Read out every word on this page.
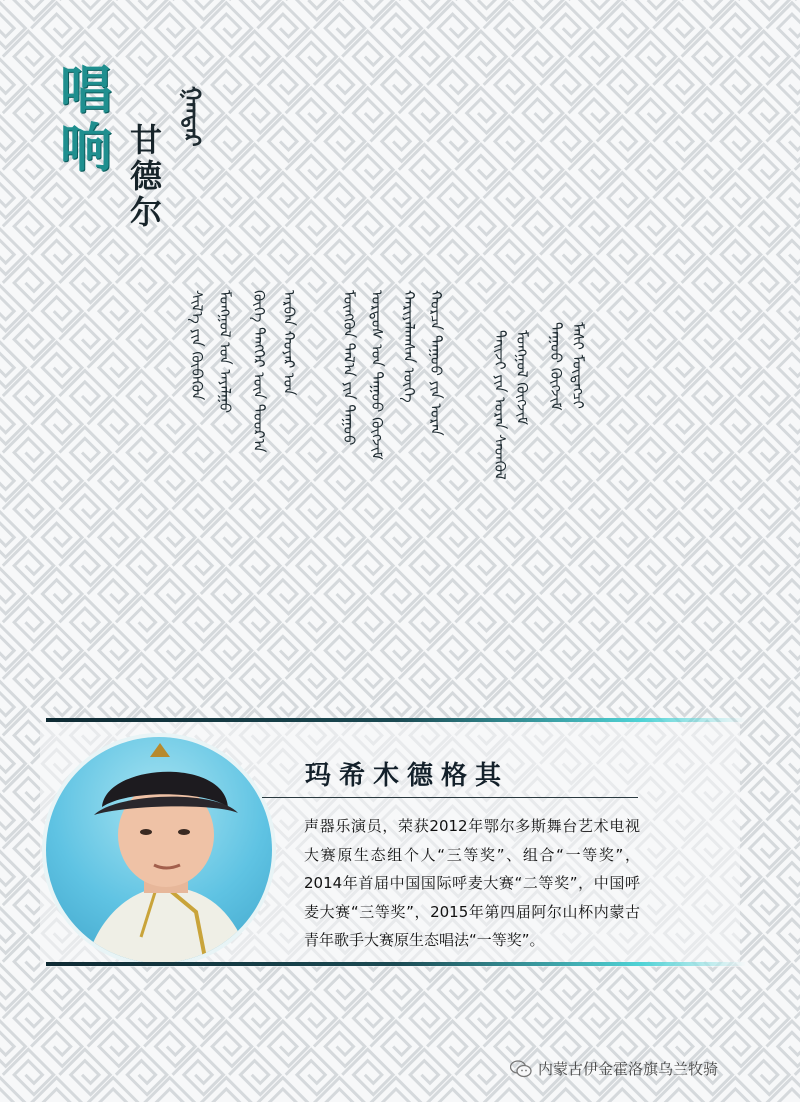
唱响 甘德尔
ᠭᠠᠨᠳᠡᠷ
ᠮᠠᠰᠢ ᠮᠦᠳᠡᠭᠴᠢ
ᠳᠠᠭᠤᠤ ᠬᠦᠭᠵᠢᠮ
ᠮᠣᠩᠭᠣᠯ ᠬᠥᠭᠵᠢᠮ
ᠲᠠᠢᠵᠢ ᠶᠢᠨ ᠤᠷᠠᠨ ᠰᠡᠳᠬᠦᠯ
ᠬᠤᠷᠴᠠ ᠳᠠᠭᠤᠤ ᠶᠢᠨ ᠤᠷᠠᠨ
ᠬᠠᠷᠢᠶᠠᠯᠠᠭᠰᠠᠨ ᠦᠭᠡ
ᠣᠷᠳᠣᠰ ᠤᠨ ᠳᠠᠭᠤᠤ ᠬᠥᠭᠵᠢᠮ
ᠮᠥᠩᠭᠦᠨ ᠲᠠᠯ᠎ᠠ ᠶᠢᠨ ᠳᠠᠭᠤᠤ
ᠠᠷᠪᠠᠨ ᠬᠣᠶᠠᠷ ᠣᠨ
ᠬᠥᠬᠡ ᠲᠡᠩᠭᠡᠷ ᠦᠨ ᠳᠣᠣᠷ᠎ᠠ
ᠮᠣᠩᠭᠣᠯ ᠤᠨ ᠠᠶᠠᠯᠭᠤ
ᠰᠢᠯ᠎ᠡ ᠶᠢᠨ ᠬᠦᠪᠡᠭᠦᠨ
玛希木德格其
声器乐演员，荣获2012年鄂尔多斯舞台艺术电视大赛原生态组个人“三等奖”、组合“一等奖”，2014年首届中国国际呼麦大赛“二等奖”，中国呼麦大赛“三等奖”，2015年第四届阿尔山杯内蒙古青年歌手大赛原生态唱法“一等奖”。
内蒙古伊金霍洛旗乌兰牧骑
